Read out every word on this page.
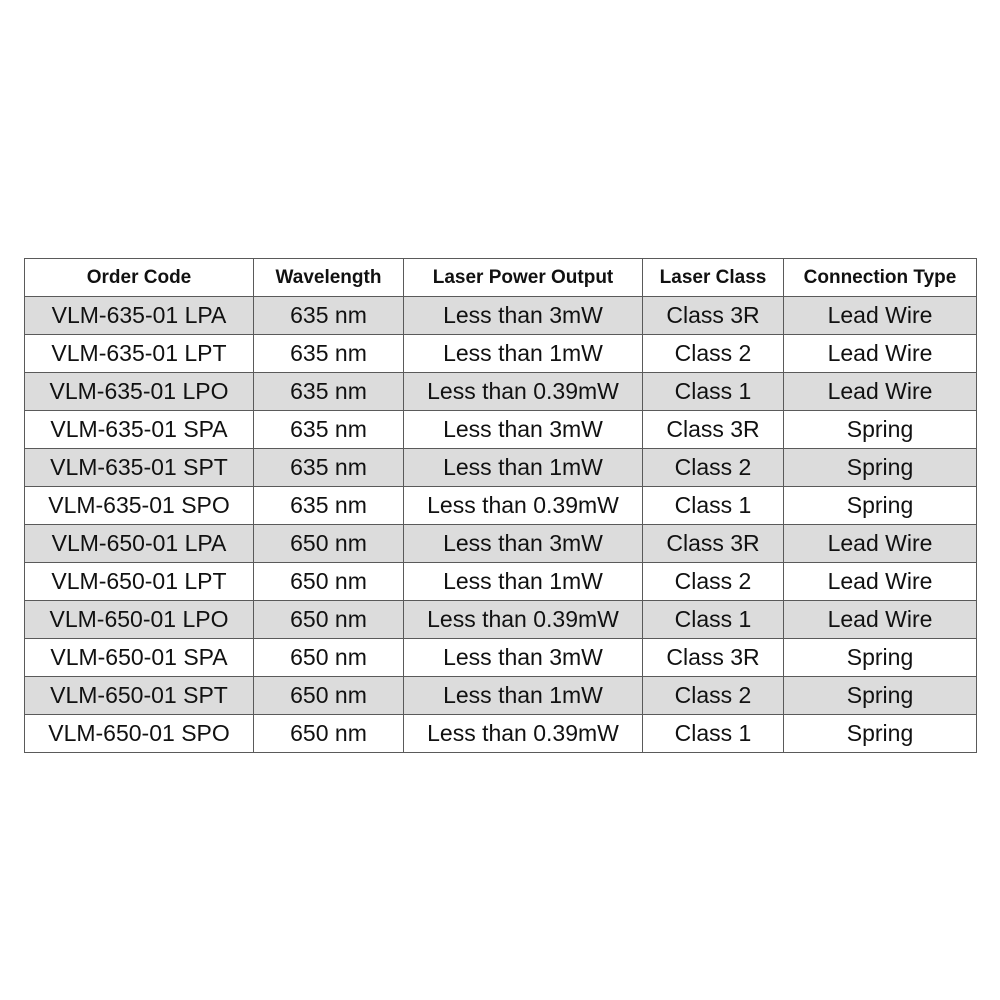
Order Code	Wavelength	Laser Power Output	Laser Class	Connection Type
VLM-635-01 LPA	635 nm	Less than 3mW	Class 3R	Lead Wire
VLM-635-01 LPT	635 nm	Less than 1mW	Class 2	Lead Wire
VLM-635-01 LPO	635 nm	Less than 0.39mW	Class 1	Lead Wire
VLM-635-01 SPA	635 nm	Less than 3mW	Class 3R	Spring
VLM-635-01 SPT	635 nm	Less than 1mW	Class 2	Spring
VLM-635-01 SPO	635 nm	Less than 0.39mW	Class 1	Spring
VLM-650-01 LPA	650 nm	Less than 3mW	Class 3R	Lead Wire
VLM-650-01 LPT	650 nm	Less than 1mW	Class 2	Lead Wire
VLM-650-01 LPO	650 nm	Less than 0.39mW	Class 1	Lead Wire
VLM-650-01 SPA	650 nm	Less than 3mW	Class 3R	Spring
VLM-650-01 SPT	650 nm	Less than 1mW	Class 2	Spring
VLM-650-01 SPO	650 nm	Less than 0.39mW	Class 1	Spring
